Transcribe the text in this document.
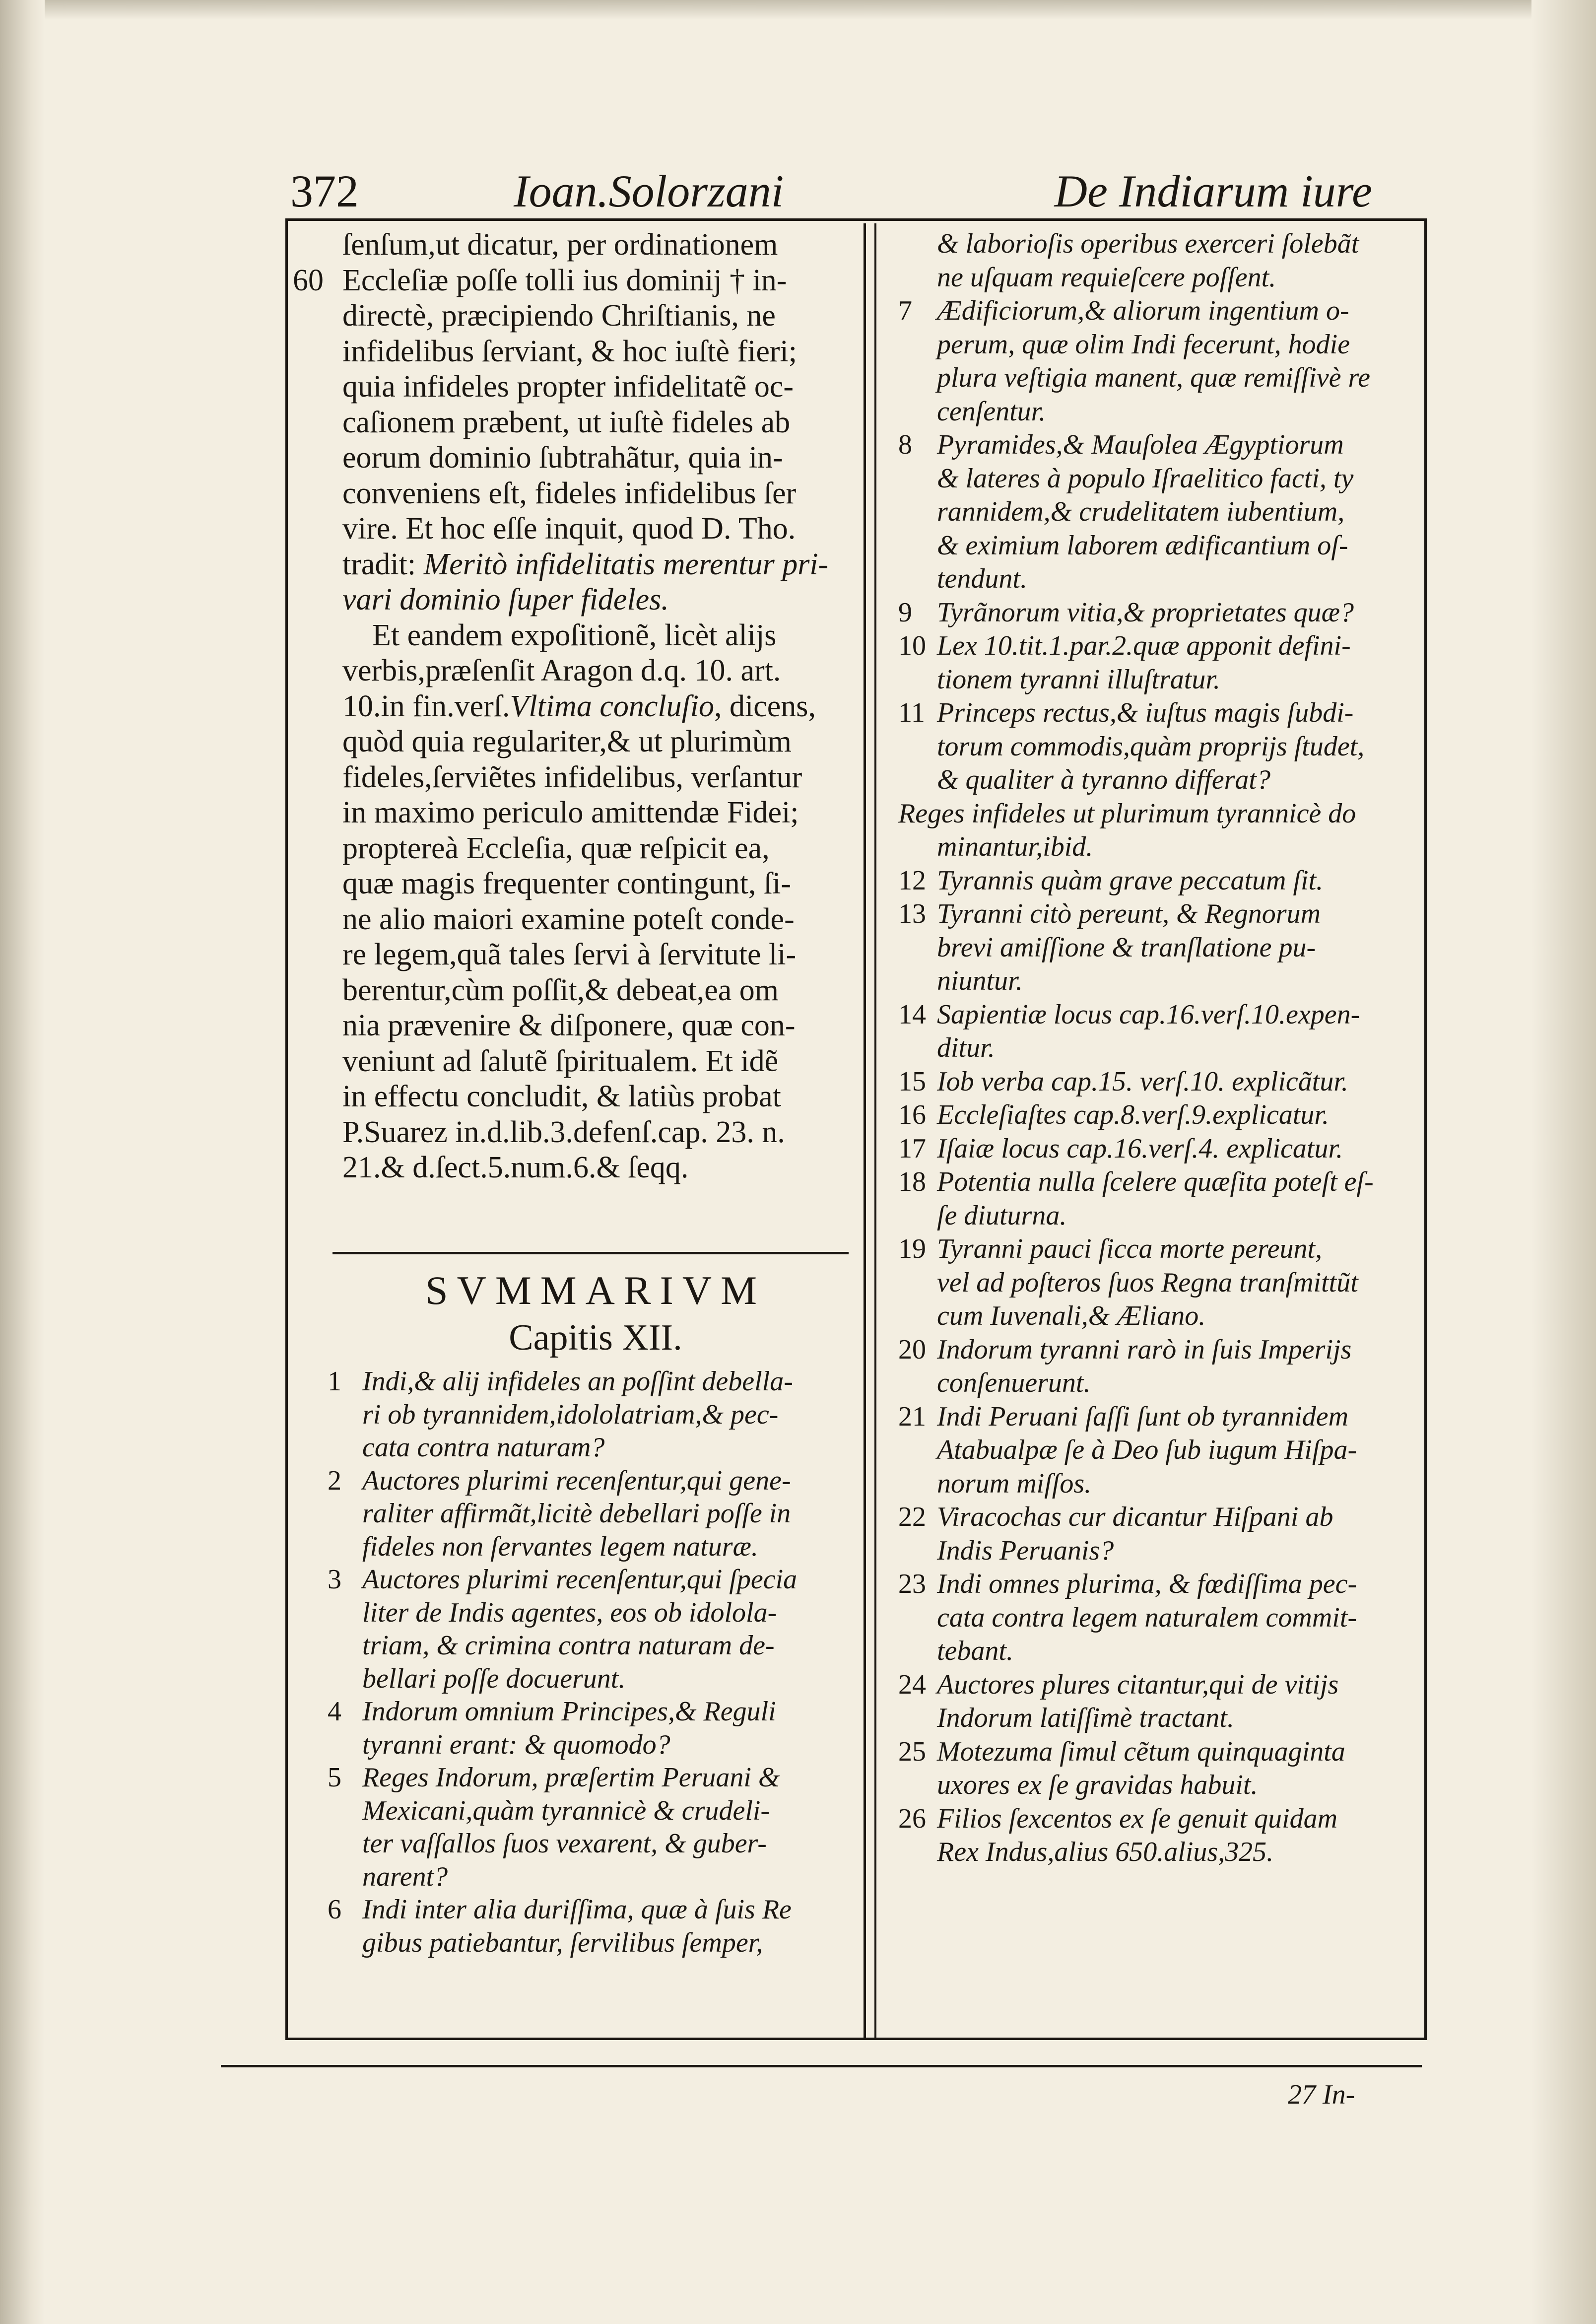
372	Ioan.Solorzani	De Indiarum iure
60
ſenſum,ut dicatur, per ordinationem
Eccleſiæ poſſe tolli ius dominij † in-
directè, præcipiendo Chriſtianis, ne
infidelibus ſerviant, & hoc iuſtè fieri;
quia infideles propter infidelitatẽ oc-
caſionem præbent, ut iuſtè fideles ab
eorum dominio ſubtrahãtur, quia in-
conveniens eſt, fideles infidelibus ſer
vire. Et hoc eſſe inquit, quod D. Tho.
tradit: Meritò infidelitatis merentur pri-
vari dominio ſuper fideles.
Et eandem expoſitionẽ, licèt alijs
verbis,præſenſit Aragon d.q. 10. art.
10.in fin.verſ.Vltima concluſio, dicens,
quòd quia regulariter,& ut plurimùm
fideles,ſerviẽtes infidelibus, verſantur
in maximo periculo amittendæ Fidei;
proptereà Eccleſia, quæ reſpicit ea,
quæ magis frequenter contingunt, ſi-
ne alio maiori examine poteſt conde-
re legem,quã tales ſervi à ſervitute li-
berentur,cùm poſſit,& debeat,ea om
nia prævenire & diſponere, quæ con-
veniunt ad ſalutẽ ſpiritualem. Et idẽ
in effectu concludit, & latiùs probat
P.Suarez in.d.lib.3.defenſ.cap. 23. n.
21.& d.ſect.5.num.6.& ſeqq.
SVMMARIVM
Capitis XII.
1 Indi,& alij infideles an poſſint debella-
ri ob tyrannidem,idololatriam,& pec-
cata contra naturam?
2 Auctores plurimi recenſentur,qui gene-
raliter affirmãt,licitè debellari poſſe in
fideles non ſervantes legem naturæ.
3 Auctores plurimi recenſentur,qui ſpecia
liter de Indis agentes, eos ob idolola-
triam, & crimina contra naturam de-
bellari poſſe docuerunt.
4 Indorum omnium Principes,& Reguli
tyranni erant: & quomodo?
5 Reges Indorum, præſertim Peruani &
Mexicani,quàm tyrannicè & crudeli-
ter vaſſallos ſuos vexarent, & guber-
narent?
6 Indi inter alia duriſſima, quæ à ſuis Re
gibus patiebantur, ſervilibus ſemper,
& laborioſis operibus exerceri ſolebãt
ne uſquam requieſcere poſſent.
7 Ædificiorum,& aliorum ingentium o-
perum, quæ olim Indi fecerunt, hodie
plura veſtigia manent, quæ remiſſivè re
cenſentur.
8 Pyramides,& Mauſolea Ægyptiorum
& lateres à populo Iſraelitico facti, ty
rannidem,& crudelitatem iubentium,
& eximium laborem ædificantium oſ-
tendunt.
9 Tyrãnorum vitia,& proprietates quæ?
10 Lex 10.tit.1.par.2.quæ apponit defini-
tionem tyranni illuſtratur.
11 Princeps rectus,& iuſtus magis ſubdi-
torum commodis,quàm proprijs ſtudet,
& qualiter à tyranno differat?
Reges infideles ut plurimum tyrannicè do
minantur,ibid.
12 Tyrannis quàm grave peccatum ſit.
13 Tyranni citò pereunt, & Regnorum
brevi amiſſione & tranſlatione pu-
niuntur.
14 Sapientiæ locus cap.16.verſ.10.expen-
ditur.
15 Iob verba cap.15. verſ.10. explicãtur.
16 Eccleſiaſtes cap.8.verſ.9.explicatur.
17 Iſaiæ locus cap.16.verſ.4. explicatur.
18 Potentia nulla ſcelere quæſita poteſt eſ-
ſe diuturna.
19 Tyranni pauci ſicca morte pereunt,
vel ad poſteros ſuos Regna tranſmittũt
cum Iuvenali,& Æliano.
20 Indorum tyranni rarò in ſuis Imperijs
conſenuerunt.
21 Indi Peruani ſaſſi ſunt ob tyrannidem
Atabualpæ ſe à Deo ſub iugum Hiſpa-
norum miſſos.
22 Viracochas cur dicantur Hiſpani ab
Indis Peruanis?
23 Indi omnes plurima, & fœdiſſima pec-
cata contra legem naturalem commit-
tebant.
24 Auctores plures citantur,qui de vitijs
Indorum latiſſimè tractant.
25 Motezuma ſimul cẽtum quinquaginta
uxores ex ſe gravidas habuit.
26 Filios ſexcentos ex ſe genuit quidam
Rex Indus,alius 650.alius,325.
27 In-
